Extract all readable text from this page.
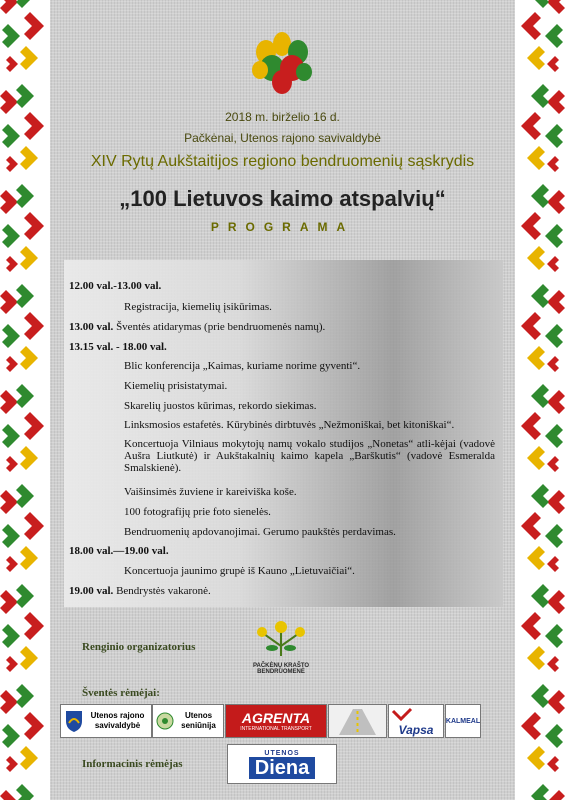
2018 m. birželio 16 d.
Pačkėnai, Utenos rajono savivaldybė
XIV Rytų Aukštaitijos regiono bendruomenių sąskrydis
„100 Lietuvos kaimo atspalvių“
PROGRAMA
12.00 val.-13.00 val.
Registracija, kiemelių įsikūrimas.
13.00 val. Šventės atidarymas (prie bendruomenės namų).
13.15 val. - 18.00 val.
Blic konferencija „Kaimas, kuriame norime gyventi“.
Kiemelių prisistatymai.
Skarelių juostos kūrimas, rekordo siekimas.
Linksmosios estafetės. Kūrybinės dirbtuvės „Nežmoniškai, bet kitoniškai“.
Koncertuoja Vilniaus mokytojų namų vokalo studijos „Nonetas“ atli-kėjai (vadovė Aušra Liutkutė) ir Aukštakalnių kaimo kapela „Barškutis“ (vadovė Esmeralda Smalskienė).
Vaišinsimės žuviene ir kareiviška koše.
100 fotografijų prie foto sienelės.
Bendruomenių apdovanojimai. Gerumo paukštės perdavimas.
18.00 val.—19.00 val.
Koncertuoja jaunimo grupė iš Kauno „Lietuvaičiai“.
19.00 val. Bendrystės vakaronė.
Renginio organizatorius
PAČKĖNŲ KRAŠTO
BENDRUOMENĖ
Šventės rėmėjai:
Utenos rajono savivaldybė
Utenos seniūnija	AGRENTA
INTERNATIONAL TRANSPORT	Vapsa
KALMEAL
Informacinis rėmėjas
UTENOS
Diena
